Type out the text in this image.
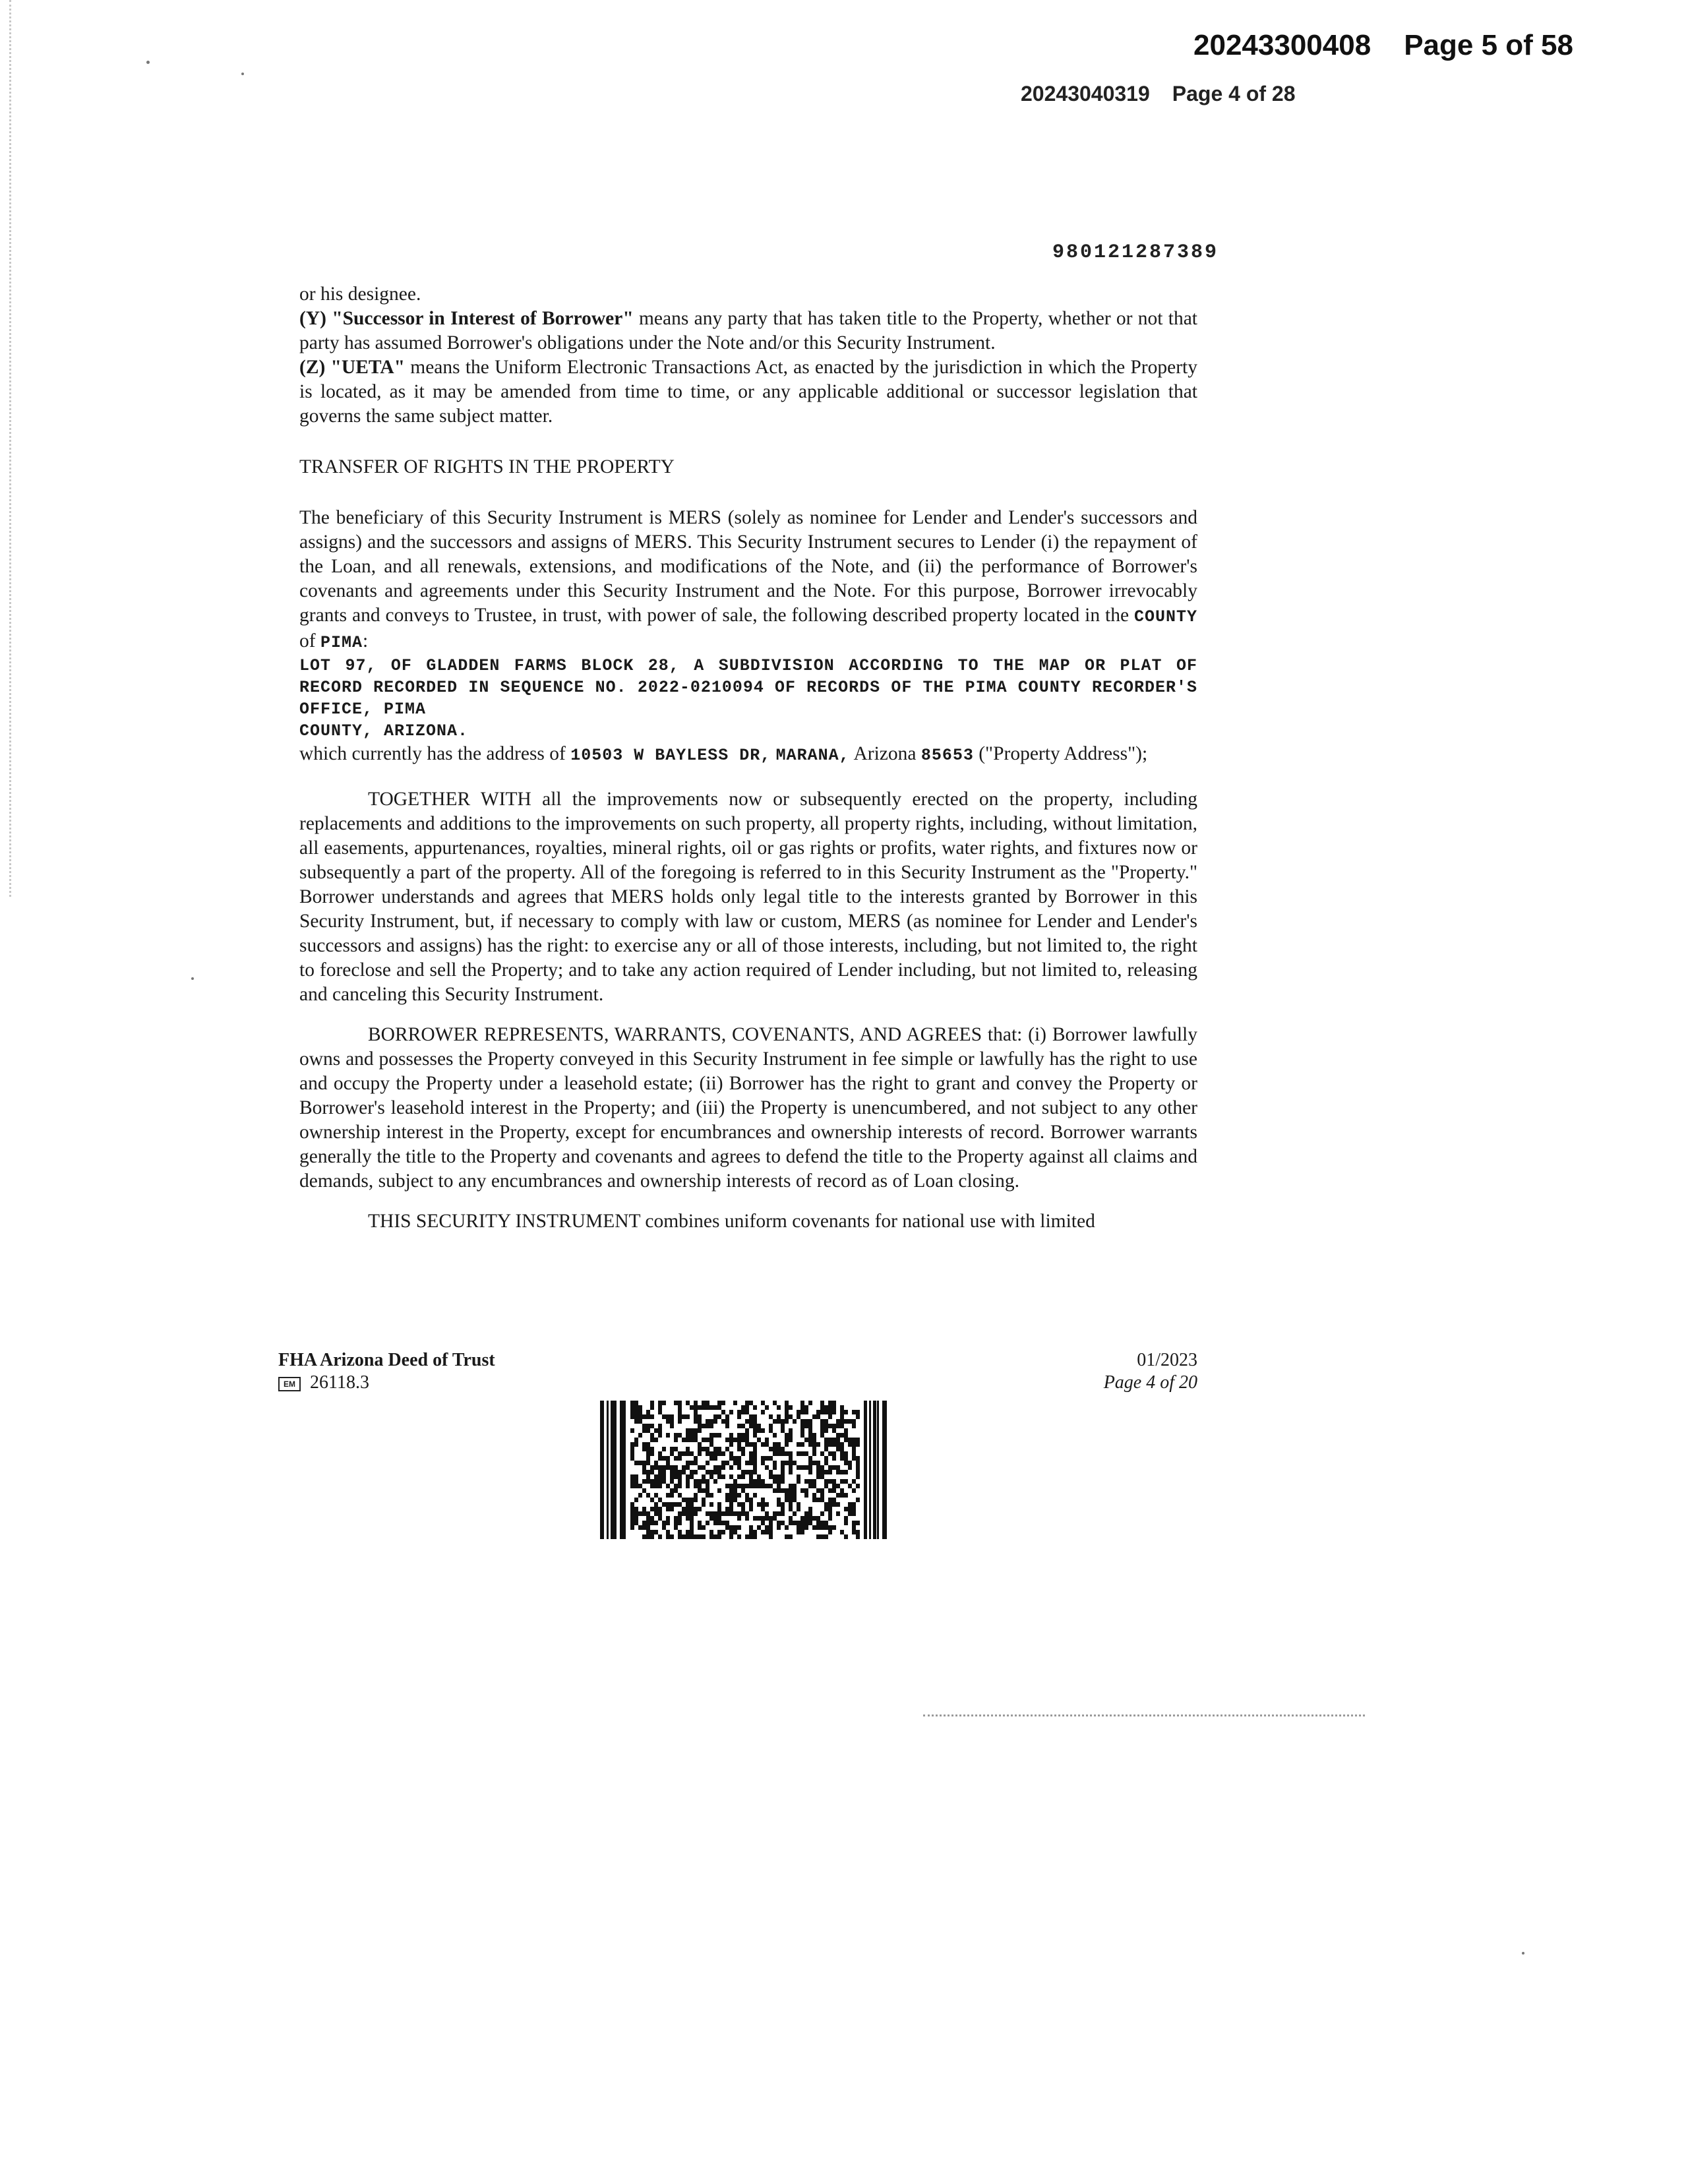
20243300408 Page 5 of 58
20243040319 Page 4 of 28
980121287389

or his designee.

(Y) "Successor in Interest of Borrower" means any party that has taken title to the Property, whether or not that party has assumed Borrower's obligations under the Note and/or this Security Instrument.

(Z) "UETA" means the Uniform Electronic Transactions Act, as enacted by the jurisdiction in which the Property is located, as it may be amended from time to time, or any applicable additional or successor legislation that governs the same subject matter.

TRANSFER OF RIGHTS IN THE PROPERTY

The beneficiary of this Security Instrument is MERS (solely as nominee for Lender and Lender's successors and assigns) and the successors and assigns of MERS. This Security Instrument secures to Lender (i) the repayment of the Loan, and all renewals, extensions, and modifications of the Note, and (ii) the performance of Borrower's covenants and agreements under this Security Instrument and the Note. For this purpose, Borrower irrevocably grants and conveys to Trustee, in trust, with power of sale, the following described property located in the COUNTY of PIMA:

LOT 97, OF GLADDEN FARMS BLOCK 28, A SUBDIVISION ACCORDING TO THE MAP OR PLAT OF RECORD RECORDED IN SEQUENCE NO. 2022-0210094 OF RECORDS OF THE PIMA COUNTY RECORDER'S OFFICE, PIMA

COUNTY, ARIZONA.

which currently has the address of 10503 W BAYLESS DR, MARANA, Arizona 85653 ("Property Address");

TOGETHER WITH all the improvements now or subsequently erected on the property, including replacements and additions to the improvements on such property, all property rights, including, without limitation, all easements, appurtenances, royalties, mineral rights, oil or gas rights or profits, water rights, and fixtures now or subsequently a part of the property. All of the foregoing is referred to in this Security Instrument as the "Property." Borrower understands and agrees that MERS holds only legal title to the interests granted by Borrower in this Security Instrument, but, if necessary to comply with law or custom, MERS (as nominee for Lender and Lender's successors and assigns) has the right: to exercise any or all of those interests, including, but not limited to, the right to foreclose and sell the Property; and to take any action required of Lender including, but not limited to, releasing and canceling this Security Instrument.

BORROWER REPRESENTS, WARRANTS, COVENANTS, AND AGREES that: (i) Borrower lawfully owns and possesses the Property conveyed in this Security Instrument in fee simple or lawfully has the right to use and occupy the Property under a leasehold estate; (ii) Borrower has the right to grant and convey the Property or Borrower's leasehold interest in the Property; and (iii) the Property is unencumbered, and not subject to any other ownership interest in the Property, except for encumbrances and ownership interests of record. Borrower warrants generally the title to the Property and covenants and agrees to defend the title to the Property against all claims and demands, subject to any encumbrances and ownership interests of record as of Loan closing.

THIS SECURITY INSTRUMENT combines uniform covenants for national use with limited

FHA Arizona Deed of Trust
EM 26118.3
01/2023
Page 4 of 20
